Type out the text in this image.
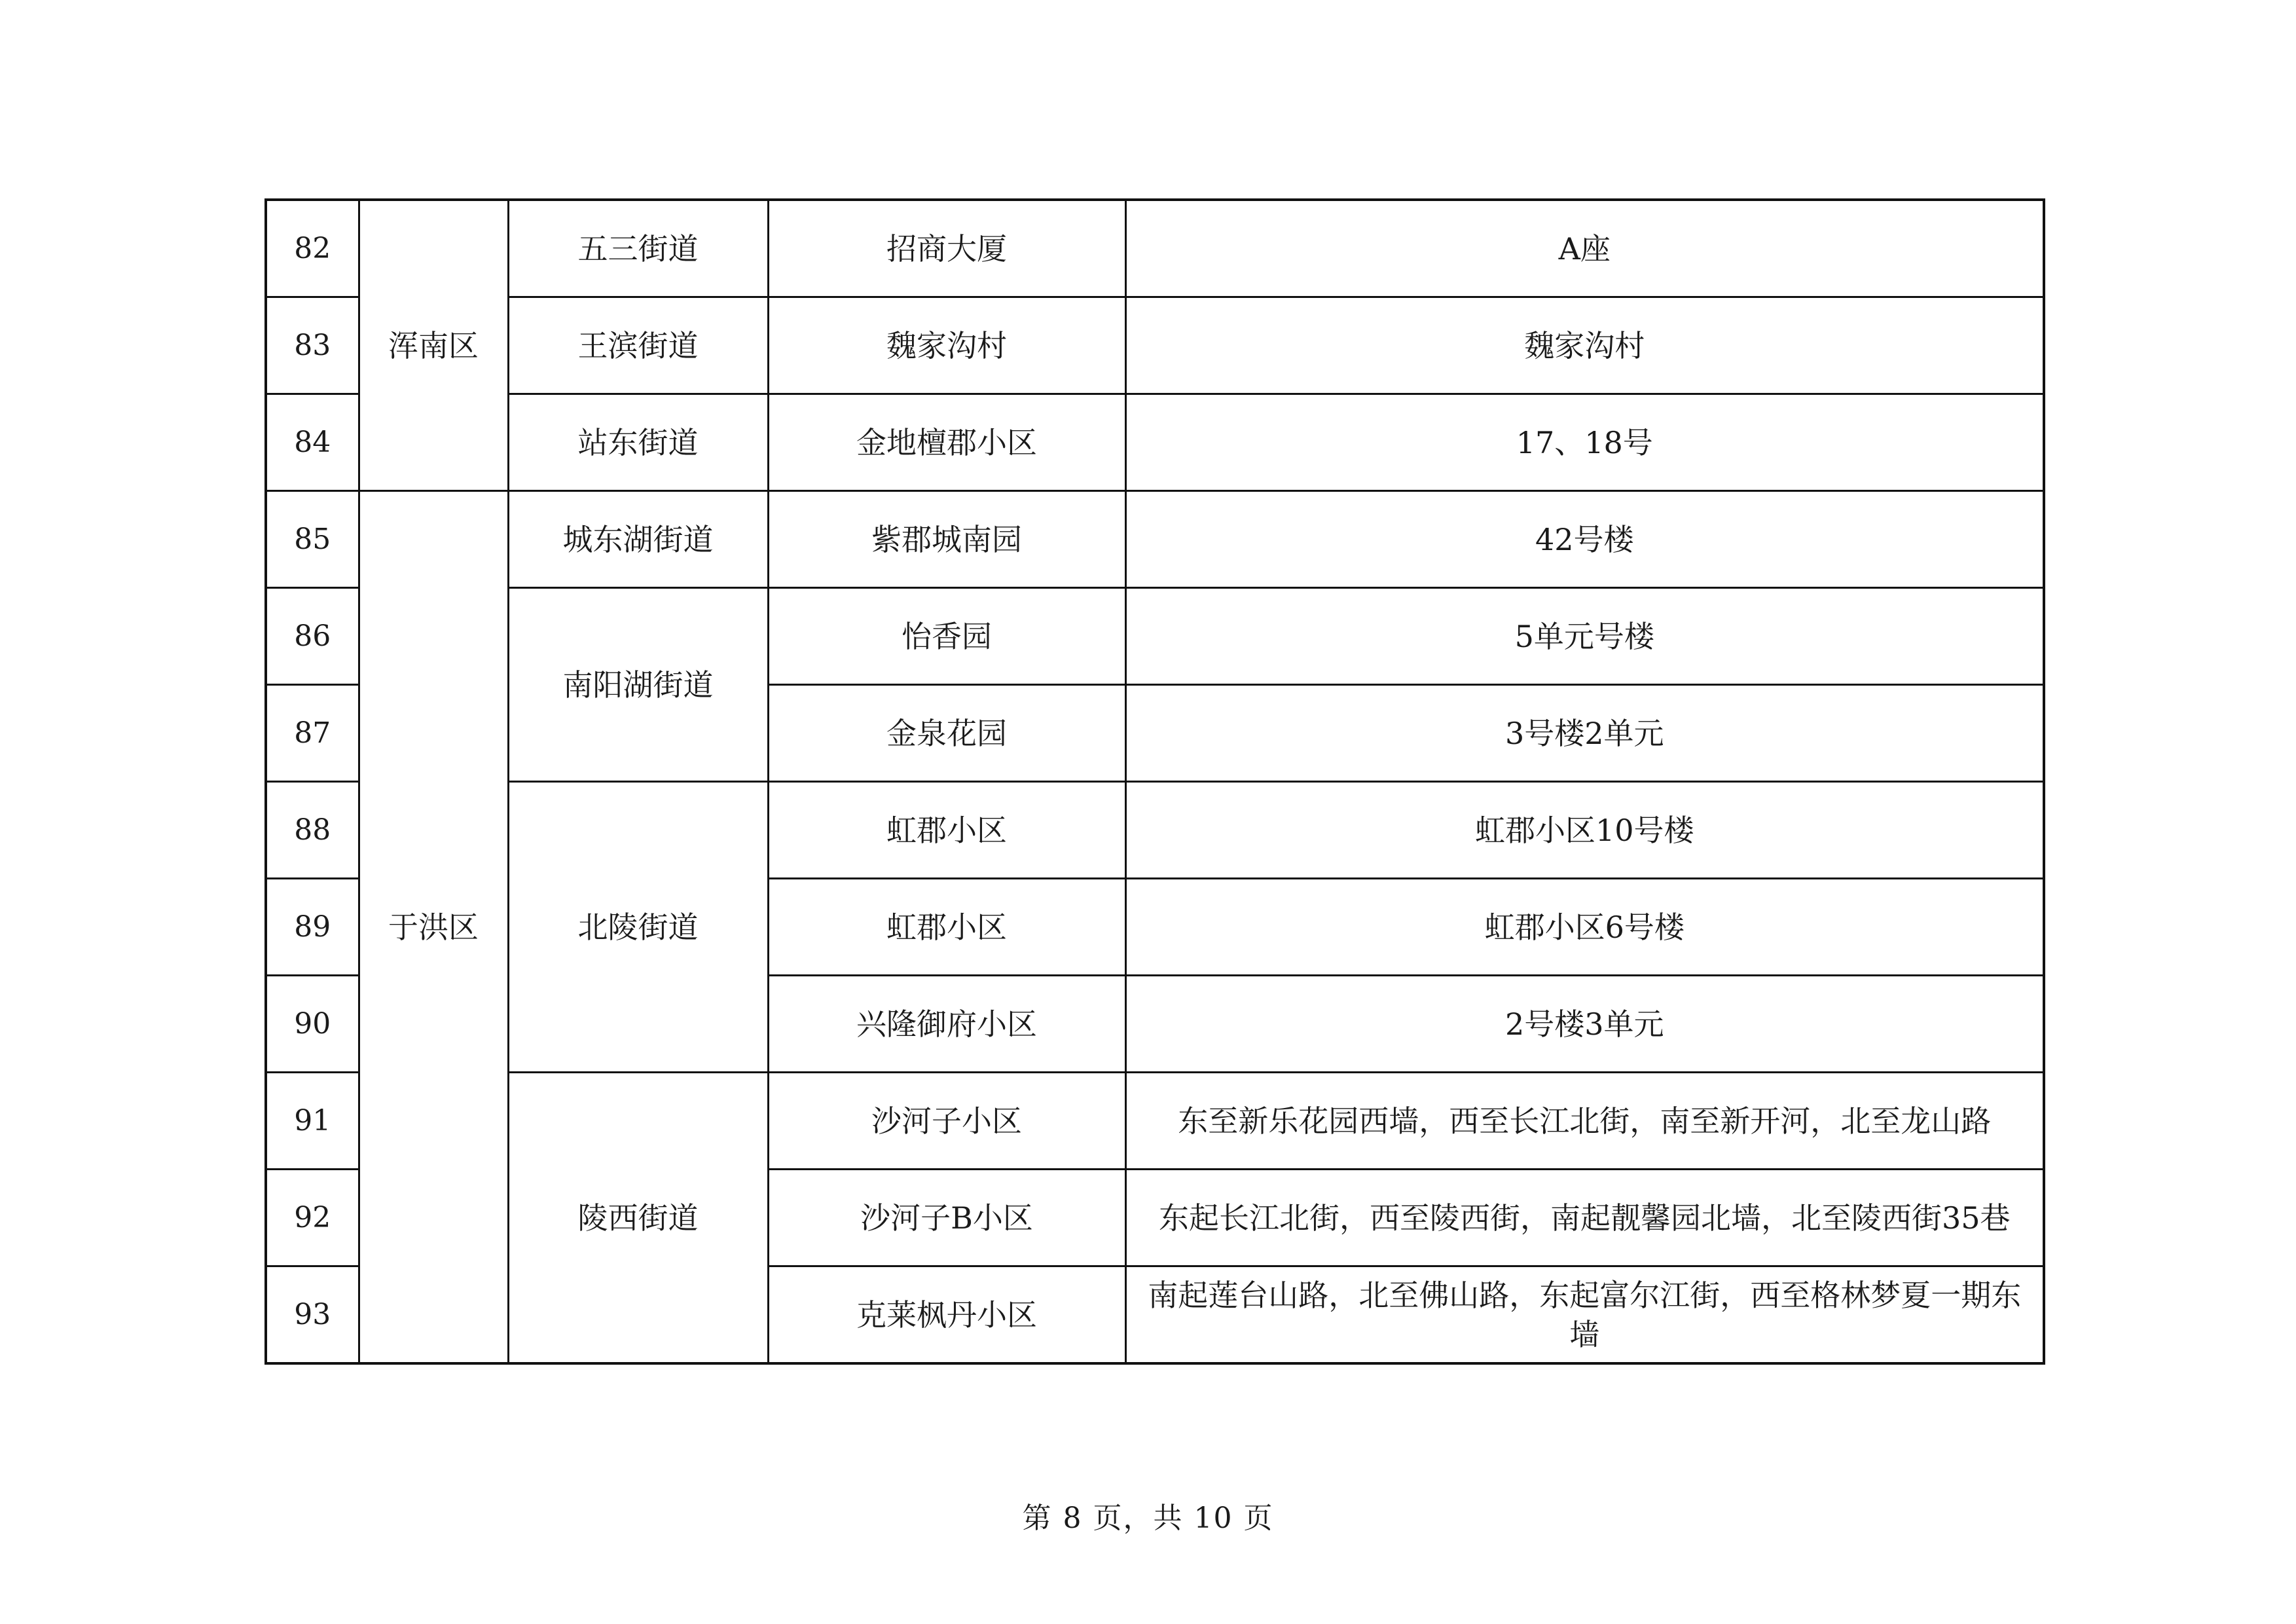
82	浑南区	五三街道	招商大厦	A座
83		王滨街道	魏家沟村	魏家沟村
84		站东街道	金地檀郡小区	17、18号
85	于洪区	城东湖街道	紫郡城南园	42号楼
86		南阳湖街道	怡香园	5单元号楼
87			金泉花园	3号楼2单元
88		北陵街道	虹郡小区	虹郡小区10号楼
89			虹郡小区	虹郡小区6号楼
90			兴隆御府小区	2号楼3单元
91		陵西街道	沙河子小区	东至新乐花园西墙，西至长江北街，南至新开河，北至龙山路
92			沙河子B小区	东起长江北街，西至陵西街，南起靓馨园北墙，北至陵西街35巷
93			克莱枫丹小区	南起莲台山路，北至佛山路，东起富尔江街，西至格林梦夏一期东墙
第 8 页，共 10 页
